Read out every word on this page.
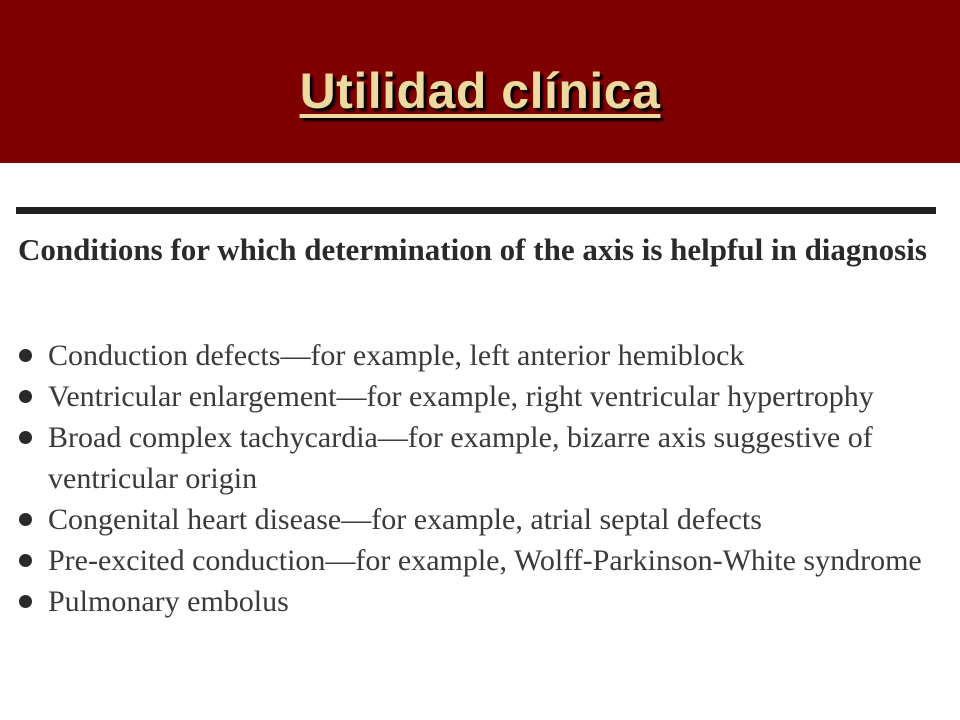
Utilidad clínica
Conditions for which determination of the axis is helpful in diagnosis
Conduction defects—for example, left anterior hemiblock
Ventricular enlargement—for example, right ventricular hypertrophy
Broad complex tachycardia—for example, bizarre axis suggestive of ventricular origin
Congenital heart disease—for example, atrial septal defects
Pre-excited conduction—for example, Wolff-Parkinson-White syndrome
Pulmonary embolus
